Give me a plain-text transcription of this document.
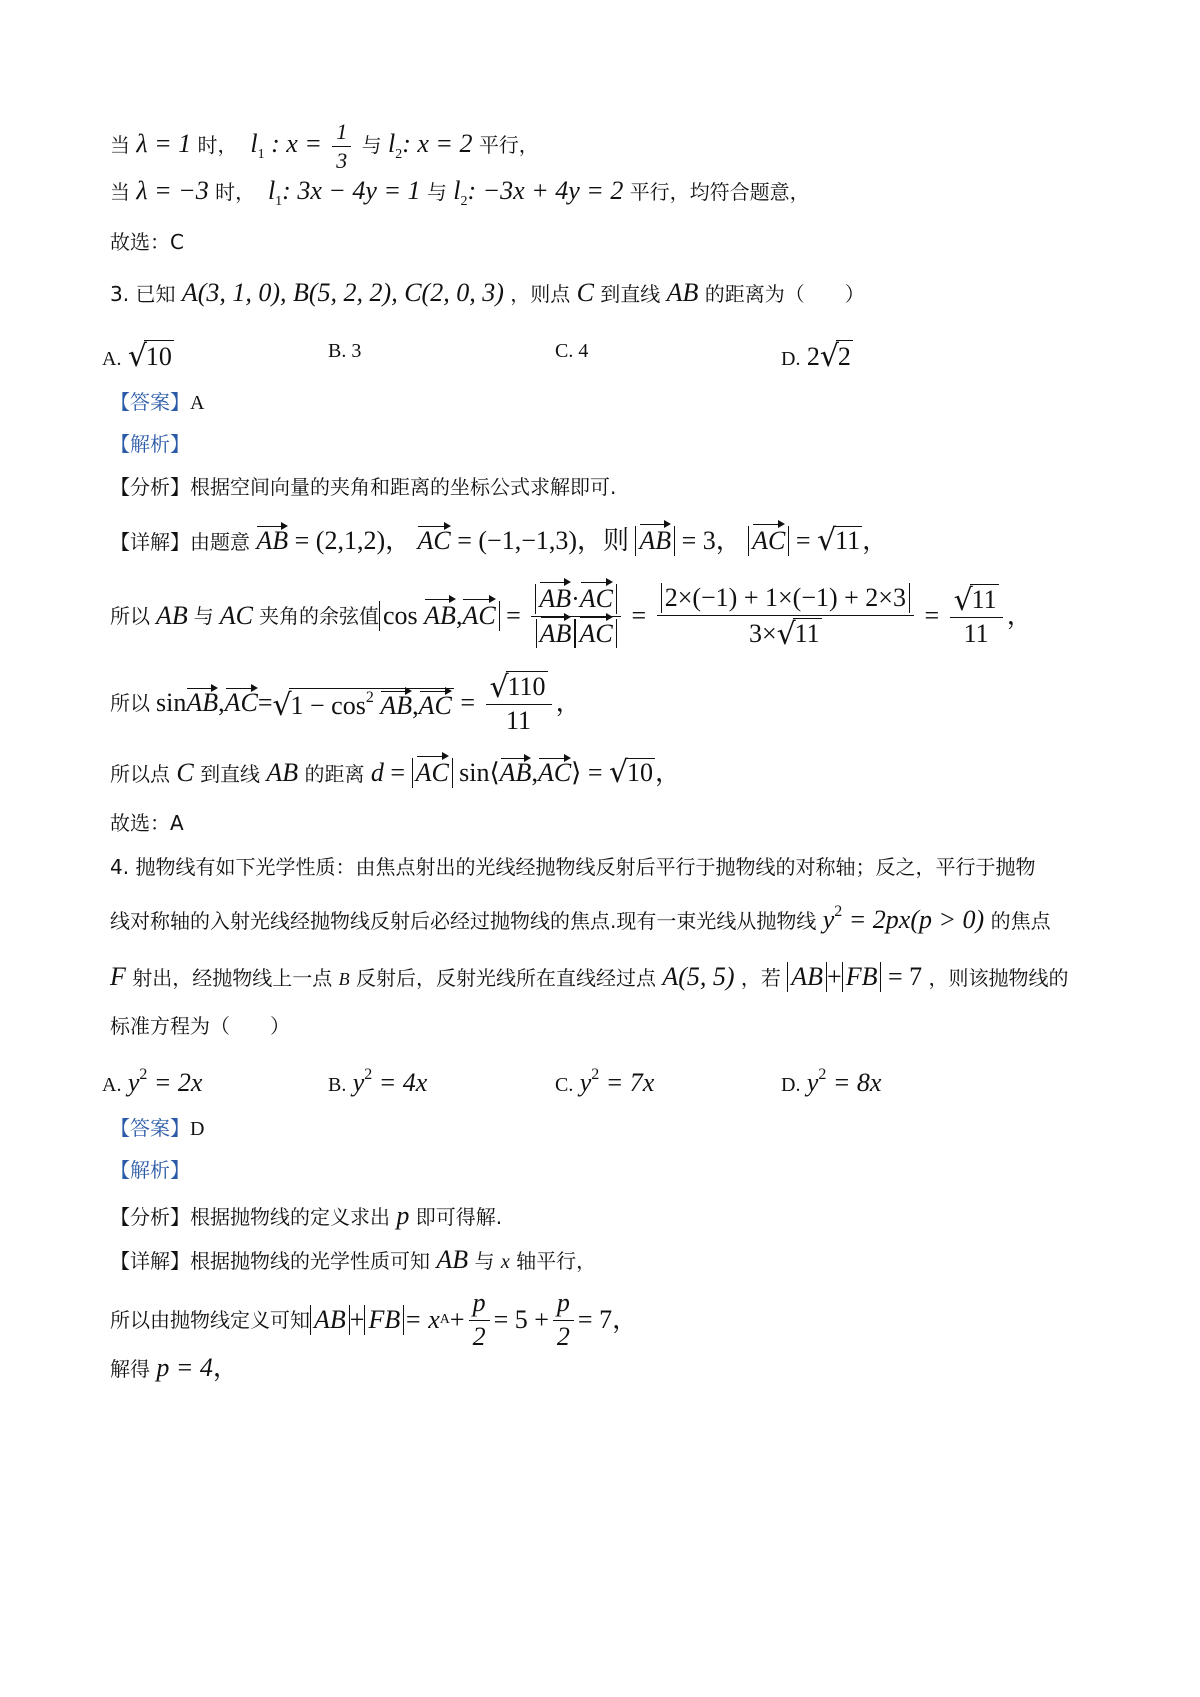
当 λ = 1 时，  $l_1$ : $x = \frac{1}{3}$ 与 $l_2$: x = 2 平行，
当 λ = −3 时，  $l_1$: 3x − 4y = 1 与 $l_2$: −3x + 4y = 2 平行，均符合题意，
故选：C
3. 已知 A(3, 1, 0), B(5, 2, 2), C(2, 0, 3) ，则点 C 到直线 AB 的距离为（　　）
A. √
10	B. 3	C. 4	D. 2 √
2
【答案】A
【解析】
【分析】根据空间向量的夹角和距离的坐标公式求解即可.
【详解】由题意 AB = (2,1,2)， AC = (−1,−1,3)，则 AB = 3， AC = √
11，
所以 AB 与 AC 夹角的余弦值 $\cos AB,AC = \frac{AB\cdot AC}{\text{AB AC}} = 2\times(-1) + 1\times(-1) + 2\times 3$
3× √
11 = √
11
11 ，
所以 sin AB , AC = √
$1 - \cos^2 AB,AC$ = √
110
11 ，
所以点 C 到直线 AB 的距离 d = AC sin⟨AB,AC⟩ = √
10，
故选：A
4. 抛物线有如下光学性质：由焦点射出的光线经抛物线反射后平行于抛物线的对称轴；反之，平行于抛物
线对称轴的入射光线经抛物线反射后必经过抛物线的焦点.现有一束光线从抛物线 $y^2 = 2px(p > 0)$ 的焦点
F 射出，经抛物线上一点 B 反射后，反射光线所在直线经过点 A(5, 5) ，若 AB + FB = 7 ，则该抛物线的
标准方程为（　　）
A. $y^2 = 2x$	B. $y^2 = 4x$	C. $y^2 = 7x$	D. $y^2 = 8x$
【答案】D
【解析】
【分析】根据抛物线的定义求出 p 即可得解.
【详解】根据抛物线的光学性质可知 AB 与 x 轴平行，
所以由抛物线定义可知 AB + FB = x $A + \frac{p}{2} = 5 + \frac{p}{2} = 7$ ，
解得 p = 4，
